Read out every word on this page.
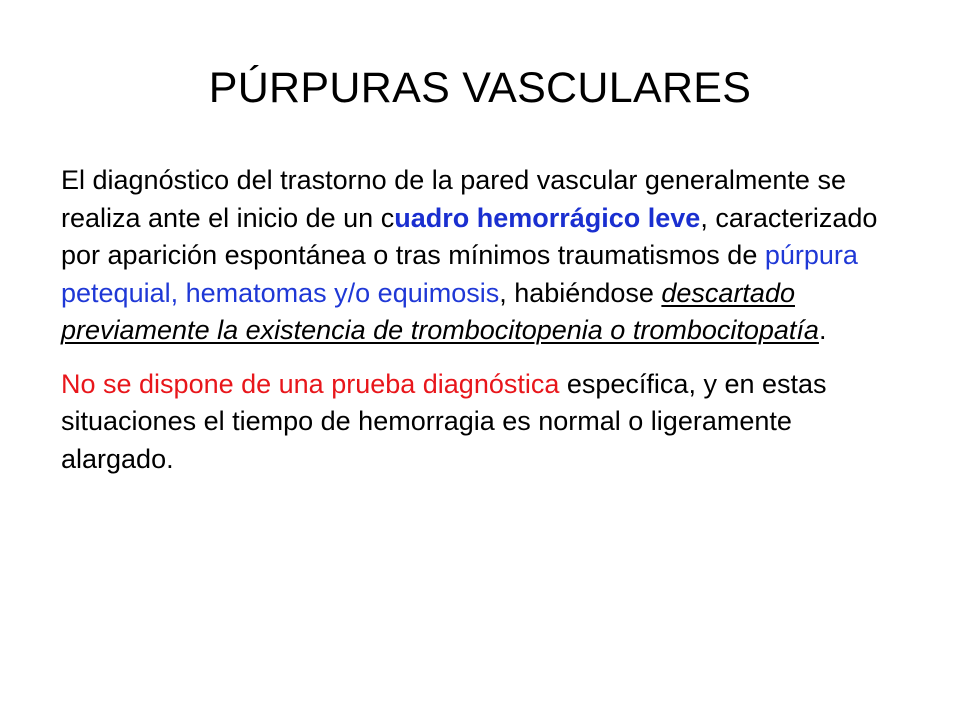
PÚRPURAS VASCULARES

El diagnóstico del trastorno de la pared vascular generalmente se realiza ante el inicio de un cuadro hemorrágico leve, caracterizado por aparición espontánea o tras mínimos traumatismos de púrpura petequial, hematomas y/o equimosis, habiéndose descartado previamente la existencia de trombocitopenia o trombocitopatía.

No se dispone de una prueba diagnóstica específica, y en estas situaciones el tiempo de hemorragia es normal o ligeramente alargado.
